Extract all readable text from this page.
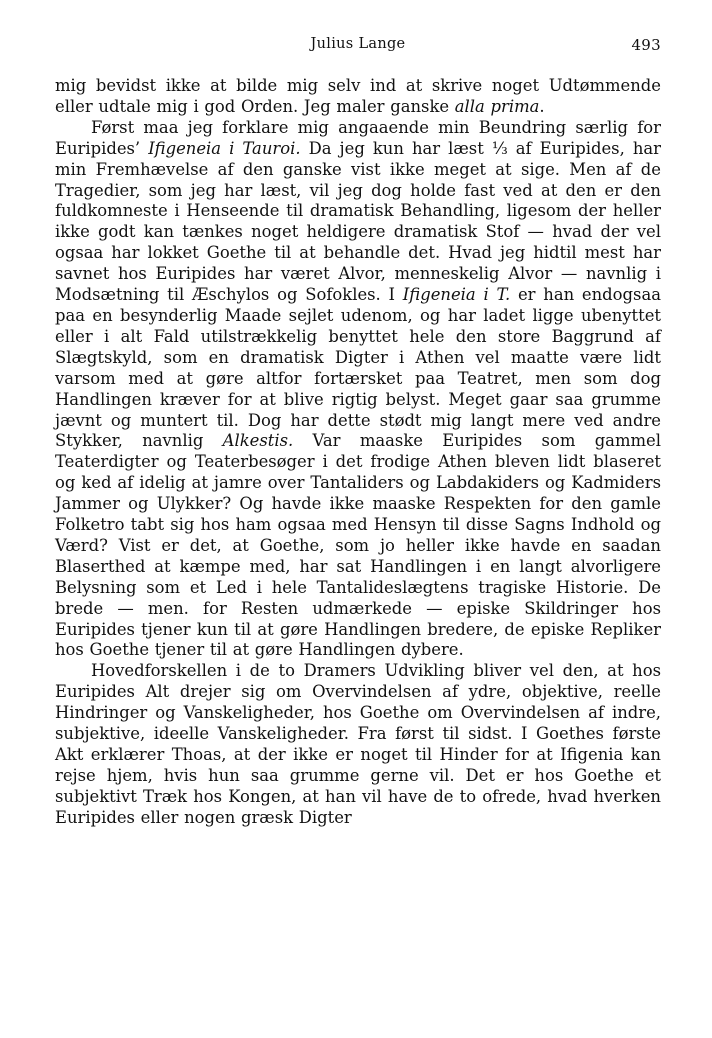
Julius Lange	493

mig bevidst ikke at bilde mig selv ind at skrive noget Udtømmende eller udtale mig i god Orden. Jeg maler ganske alla prima.

Først maa jeg forklare mig angaaende min Beundring særlig for Euripides’ Ifigeneia i Tauroi. Da jeg kun har læst ⅓ af Euripides, har min Fremhævelse af den ganske vist ikke meget at sige. Men af de Tragedier, som jeg har læst, vil jeg dog holde fast ved at den er den fuldkomneste i Henseende til dramatisk Behandling, ligesom der heller ikke godt kan tænkes noget heldigere dramatisk Stof — hvad der vel ogsaa har lokket Goethe til at behandle det. Hvad jeg hidtil mest har savnet hos Euripides har været Alvor, menneskelig Alvor — navnlig i Modsætning til Æschylos og Sofokles. I Ifigeneia i T. er han endogsaa paa en besynderlig Maade sejlet udenom, og har ladet ligge ubenyttet eller i alt Fald utilstrækkelig benyttet hele den store Baggrund af Slægtskyld, som en dramatisk Digter i Athen vel maatte være lidt varsom med at gøre altfor fortærsket paa Teatret, men som dog Handlingen kræver for at blive rigtig belyst. Meget gaar saa grumme jævnt og muntert til. Dog har dette stødt mig langt mere ved andre Stykker, navnlig Alkestis. Var maaske Euripides som gammel Teaterdigter og Teaterbesøger i det frodige Athen bleven lidt blaseret og ked af idelig at jamre over Tantaliders og Labdakiders og Kadmiders Jammer og Ulykker? Og havde ikke maaske Respekten for den gamle Folketro tabt sig hos ham ogsaa med Hensyn til disse Sagns Indhold og Værd? Vist er det, at Goethe, som jo heller ikke havde en saadan Blaserthed at kæmpe med, har sat Handlingen i en langt alvorligere Belysning som et Led i hele Tantalideslægtens tragiske Historie. De brede — men. for Resten udmærkede — episke Skildringer hos Euripides tjener kun til at gøre Handlingen bredere, de episke Repliker hos Goethe tjener til at gøre Handlingen dybere.

Hovedforskellen i de to Dramers Udvikling bliver vel den, at hos Euripides Alt drejer sig om Overvindelsen af ydre, objektive, reelle Hindringer og Vanskeligheder, hos Goethe om Overvindelsen af indre, subjektive, ideelle Vanskeligheder. Fra først til sidst. I Goethes første Akt erklærer Thoas, at der ikke er noget til Hinder for at Ifigenia kan rejse hjem, hvis hun saa grumme gerne vil. Det er hos Goethe et subjektivt Træk hos Kongen, at han vil have de to ofrede, hvad hverken Euripides eller nogen græsk Digter
